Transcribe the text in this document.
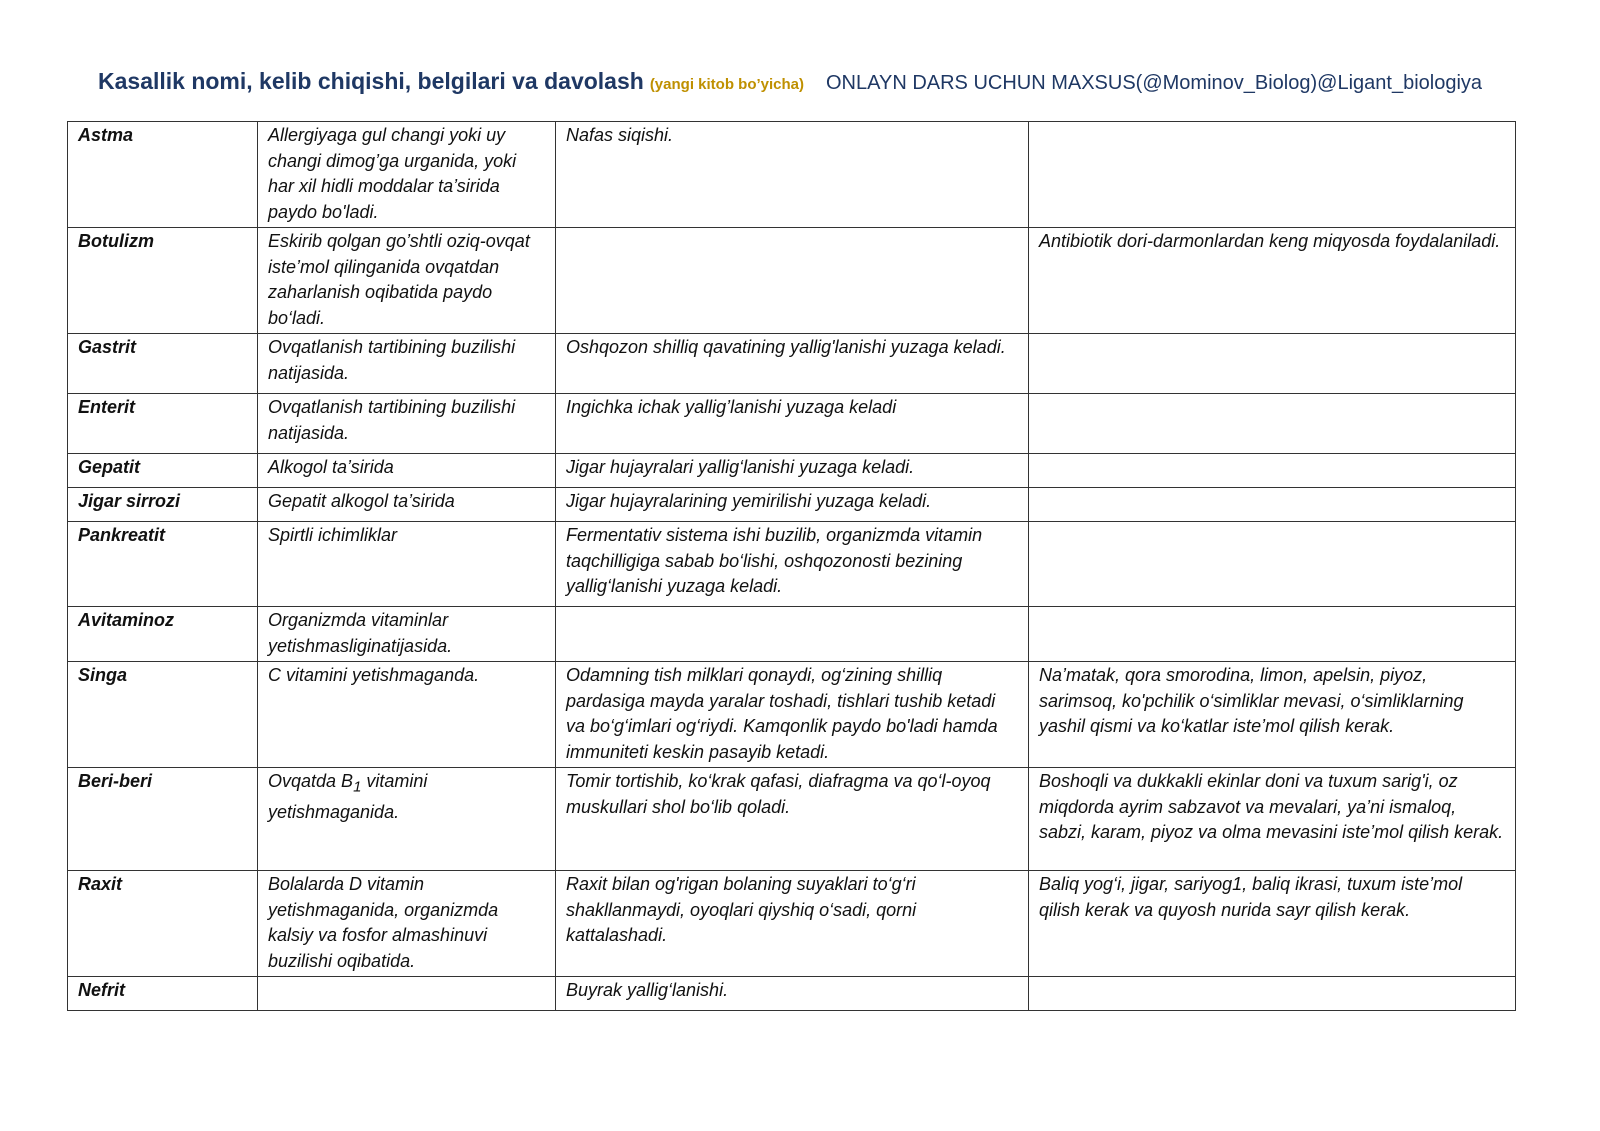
Kasallik nomi, kelib chiqishi, belgilari va davolash (yangi kitob bo’yicha) ONLAYN DARS UCHUN MAXSUS(@Mominov_Biolog)@Ligant_biologiya
Astma	Allergiyaga gul changi yoki uy changi dimog’ga urganida, yoki har xil hidli moddalar ta’sirida paydo bo'ladi.	Nafas siqishi.	
Botulizm	Eskirib qolgan go’shtli oziq-ovqat iste’mol qilinganida ovqatdan zaharlanish oqibatida paydo bo‘ladi.		Antibiotik dori-darmonlardan keng miqyosda foydalaniladi.
Gastrit	Ovqatlanish tartibining buzilishi natijasida.	Oshqozon shilliq qavatining yallig'lanishi yuzaga keladi.	
Enterit	Ovqatlanish tartibining buzilishi natijasida.	Ingichka ichak yallig’lanishi yuzaga keladi	
Gepatit	Alkogol ta’sirida	Jigar hujayralari yallig‘lanishi yuzaga keladi.	
Jigar sirrozi	Gepatit alkogol ta’sirida	Jigar hujayralarining yemirilishi yuzaga keladi.	
Pankreatit	Spirtli ichimliklar	Fermentativ sistema ishi buzilib, organizmda vitamin taqchilligiga sabab bo‘lishi, oshqozonosti bezining yallig‘lanishi yuzaga keladi.	
Avitaminoz	Organizmda vitaminlar yetishmasliginatijasida.		
Singa	C vitamini yetishmaganda.	Odamning tish milklari qonaydi, og‘zining shilliq pardasiga mayda yaralar toshadi, tishlari tushib ketadi va bo‘g‘imlari og‘riydi. Kamqonlik paydo bo'ladi hamda immuniteti keskin pasayib ketadi.	Na’matak, qora smorodina, limon, apelsin, piyoz, sarimsoq, ko'pchilik o‘simliklar mevasi, o‘simliklarning yashil qismi va ko‘katlar iste’mol qilish kerak.
Beri-beri	Ovqatda $B_1$ vitamini yetishmaganida.	Tomir tortishib, ko‘krak qafasi, diafragma va qo‘l-oyoq muskullari shol bo‘lib qoladi.	Boshoqli va dukkakli ekinlar doni va tuxum sarig'i, oz miqdorda ayrim sabzavot va mevalari, ya’ni ismaloq, sabzi, karam, piyoz va olma mevasini iste’mol qilish kerak.
Raxit	Bolalarda D vitamin yetishmaganida, organizmda kalsiy va fosfor almashinuvi buzilishi oqibatida.	Raxit bilan og'rigan bolaning suyaklari to‘g‘ri shakllanmaydi, oyoqlari qiyshiq o‘sadi, qorni kattalashadi.	Baliq yog‘i, jigar, sariyog1, baliq ikrasi, tuxum iste’mol qilish kerak va quyosh nurida sayr qilish kerak.
Nefrit		Buyrak yallig‘lanishi.	
